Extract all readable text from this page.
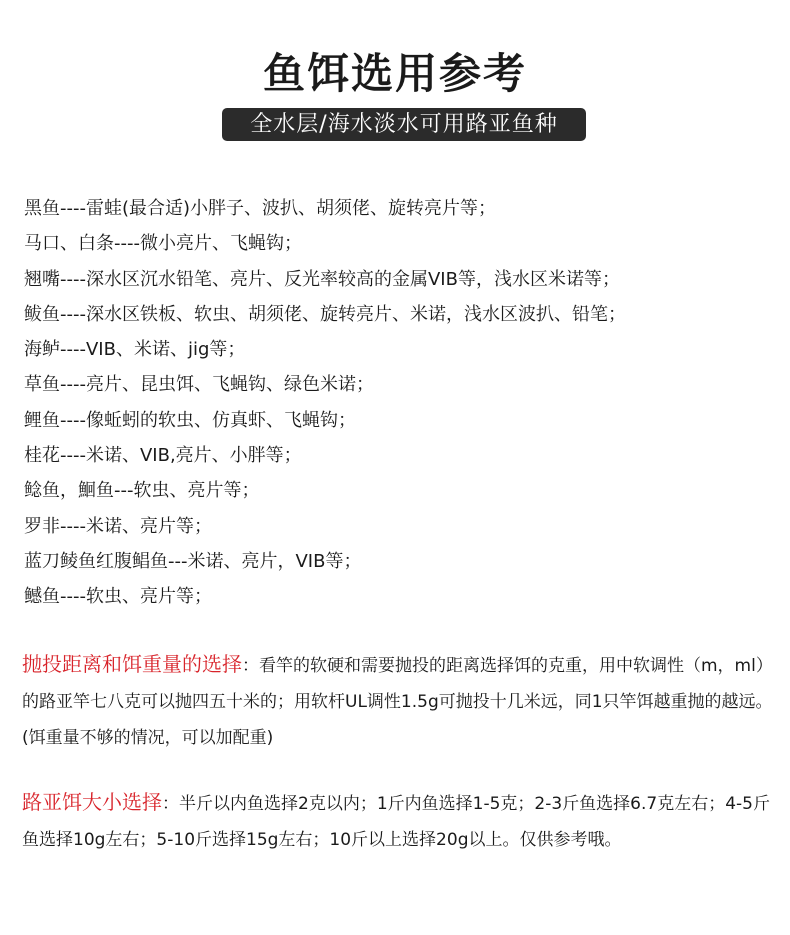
鱼饵选用参考
全水层/海水淡水可用路亚鱼种
黑鱼----雷蛙(最合适)小胖子、波扒、胡须佬、旋转亮片等；
马口、白条----微小亮片、飞蝇钩；
翘嘴----深水区沉水铅笔、亮片、反光率较高的金属VIB等，浅水区米诺等；
鲅鱼----深水区铁板、软虫、胡须佬、旋转亮片、米诺，浅水区波扒、铅笔；
海鲈----VIB、米诺、jig等；
草鱼----亮片、昆虫饵、飞蝇钩、绿色米诺；
鲤鱼----像蚯蚓的软虫、仿真虾、飞蝇钩；
桂花----米诺、VIB,亮片、小胖等；
鲶鱼，鮰鱼---软虫、亮片等；
罗非----米诺、亮片等；
蓝刀鲮鱼红腹鲳鱼---米诺、亮片，VIB等；
鳡鱼----软虫、亮片等；

抛投距离和饵重量的选择：看竿的软硬和需要抛投的距离选择饵的克重，用中软调性（m，ml）的路亚竿七八克可以抛四五十米的；用软杆UL调性1.5g可抛投十几米远，同1只竿饵越重抛的越远。(饵重量不够的情况，可以加配重)

路亚饵大小选择：半斤以内鱼选择2克以内；1斤内鱼选择1-5克；2-3斤鱼选择6.7克左右；4-5斤鱼选择10g左右；5-10斤选择15g左右；10斤以上选择20g以上。仅供参考哦。
